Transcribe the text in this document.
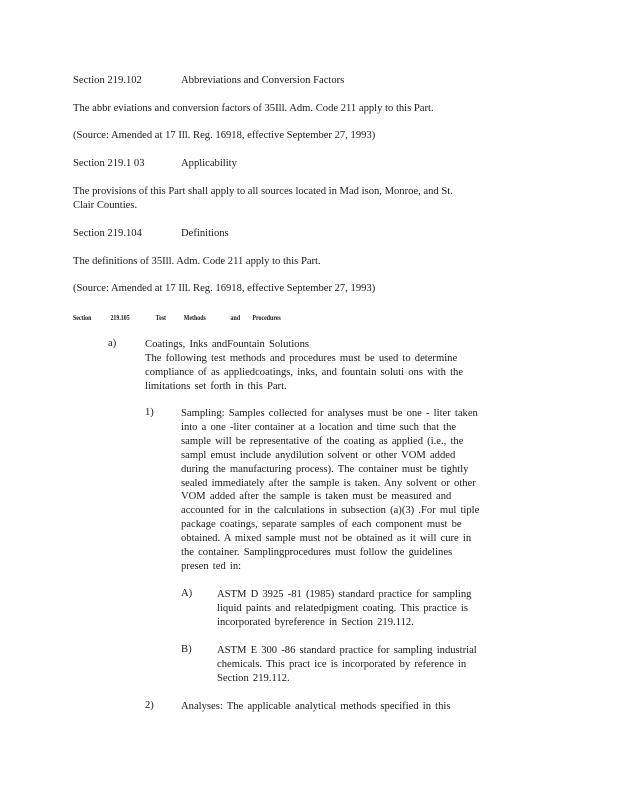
Section 219.102	Abbreviations and Conversion Factors
The abbr eviations and conversion factors of 35Ill. Adm. Code 211 apply to this Part.
(Source: Amended at 17 Ill. Reg. 16918, effective September 27, 1993)
Section 219.1 03	Applicability
The provisions of this Part shall apply to all sources located in Mad ison, Monroe, and St.
Clair Counties.
Section 219.104	Definitions
The definitions of 35Ill. Adm. Code 211 apply to this Part.
(Source: Amended at 17 Ill. Reg. 16918, effective September 27, 1993)
Section	219.105	Test Methods	and Procedures
a)	Coatings, Inks andFountain Solutions
The following test methods and procedures must be used to determine
compliance of as appliedcoatings, inks, and fountain soluti ons with the
limitations set forth in this Part.
1)	Sampling: Samples collected for analyses must be one - liter taken
into a one -liter container at a location and time such that the
sample will be representative of the coating as applied (i.e., the
sampl emust include anydilution solvent or other VOM added
during the manufacturing process). The container must be tightly
sealed immediately after the sample is taken. Any solvent or other
VOM added after the sample is taken must be measured and
accounted for in the calculations in subsection (a)(3) .For mul tiple
package coatings, separate samples of each component must be
obtained. A mixed sample must not be obtained as it will cure in
the container. Samplingprocedures must follow the guidelines
presen ted in:
A) ASTM D 3925 -81 (1985) standard practice for sampling
liquid paints and relatedpigment coating. This practice is
incorporated byreference in Section 219.112.
B) ASTM E 300 -86 standard practice for sampling industrial
chemicals. This pract ice is incorporated by reference in
Section 219.112.
2)	Analyses: The applicable analytical methods specified in this
